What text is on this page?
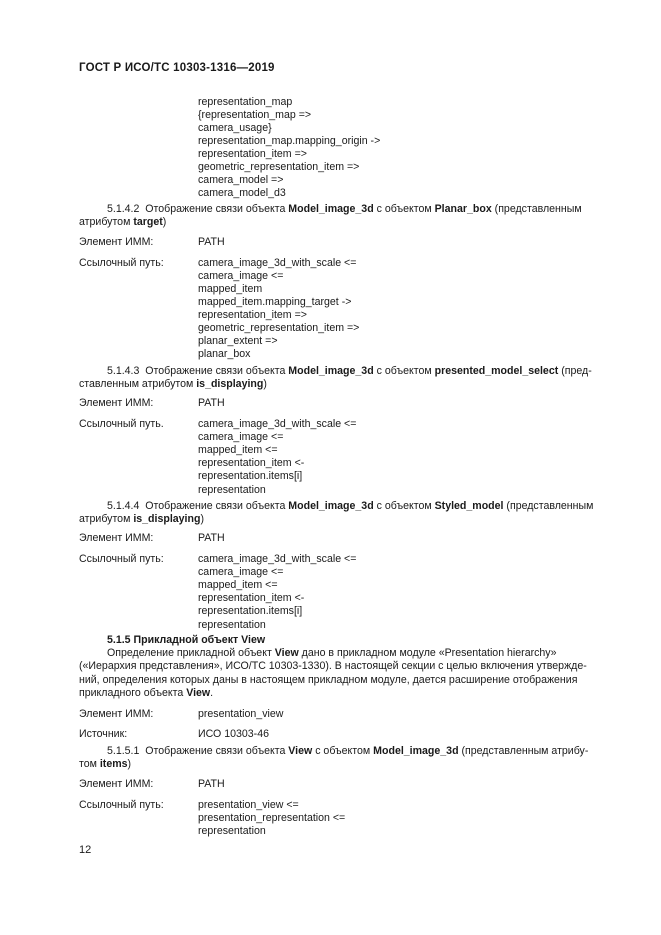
ГОСТ Р ИСО/ТС 10303-1316—2019
representation_map
{representation_map =>
camera_usage}
representation_map.mapping_origin ->
representation_item =>
geometric_representation_item =>
camera_model =>
camera_model_d3
5.1.4.2 Отображение связи объекта Model_image_3d с объектом Planar_box (представленным
атрибутом target)
Элемент ИММ:	PATH
Ссылочный путь:	camera_image_3d_with_scale <=
camera_image <=
mapped_item
mapped_item.mapping_target ->
representation_item =>
geometric_representation_item =>
planar_extent =>
planar_box
5.1.4.3 Отображение связи объекта Model_image_3d с объектом presented_model_select (пред-
ставленным атрибутом is_displaying)
Элемент ИММ:	PATH
Ссылочный путь.	camera_image_3d_with_scale <=
camera_image <=
mapped_item <=
representation_item <-
representation.items[i]
representation
5.1.4.4 Отображение связи объекта Model_image_3d с объектом Styled_model (представленным
атрибутом is_displaying)
Элемент ИММ:	PATH
Ссылочный путь:	camera_image_3d_with_scale <=
camera_image <=
mapped_item <=
representation_item <-
representation.items[i]
representation
5.1.5 Прикладной объект View
Определение прикладной объект View дано в прикладном модуле «Presentation hierarchy»
(«Иерархия представления», ИСО/ТС 10303-1330). В настоящей секции с целью включения утвержде-
ний, определения которых даны в настоящем прикладном модуле, дается расширение отображения
прикладного объекта View.
Элемент ИММ:	presentation_view
Источник:	ИСО 10303-46
5.1.5.1 Отображение связи объекта View с объектом Model_image_3d (представленным атрибу-
том items)
Элемент ИММ:	PATH
Ссылочный путь:	presentation_view <=
presentation_representation <=
representation
12
